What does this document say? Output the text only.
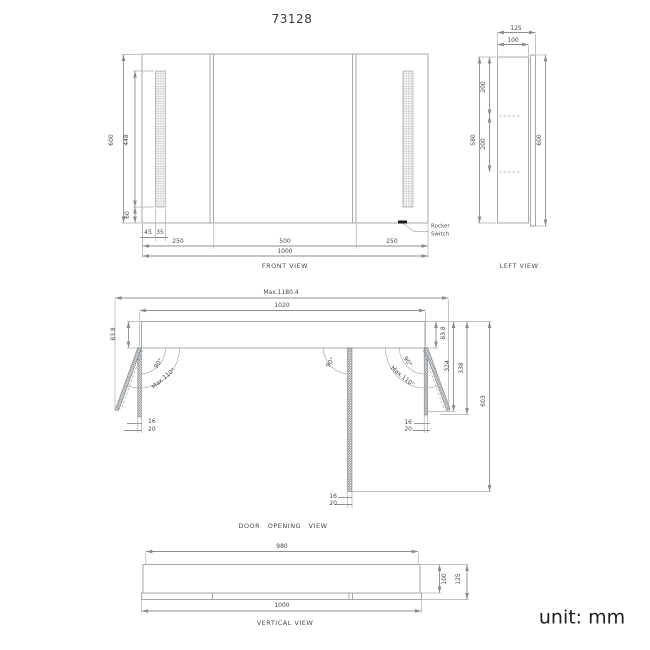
73128
600 448
60
45 35
250	500	250
1000
Rocker
Switch
FRONT VIEW
125
100
580
200
200	600
LEFT VIEW
Max.1180.4
1020
83.8	83.8
90°
Max 110°
90°	90°
Max.110°
16
20
16
20
16
20
324 338
603
DOOR OPENING VIEW
980
1000
100 125
VERTICAL VIEW	unit: mm
